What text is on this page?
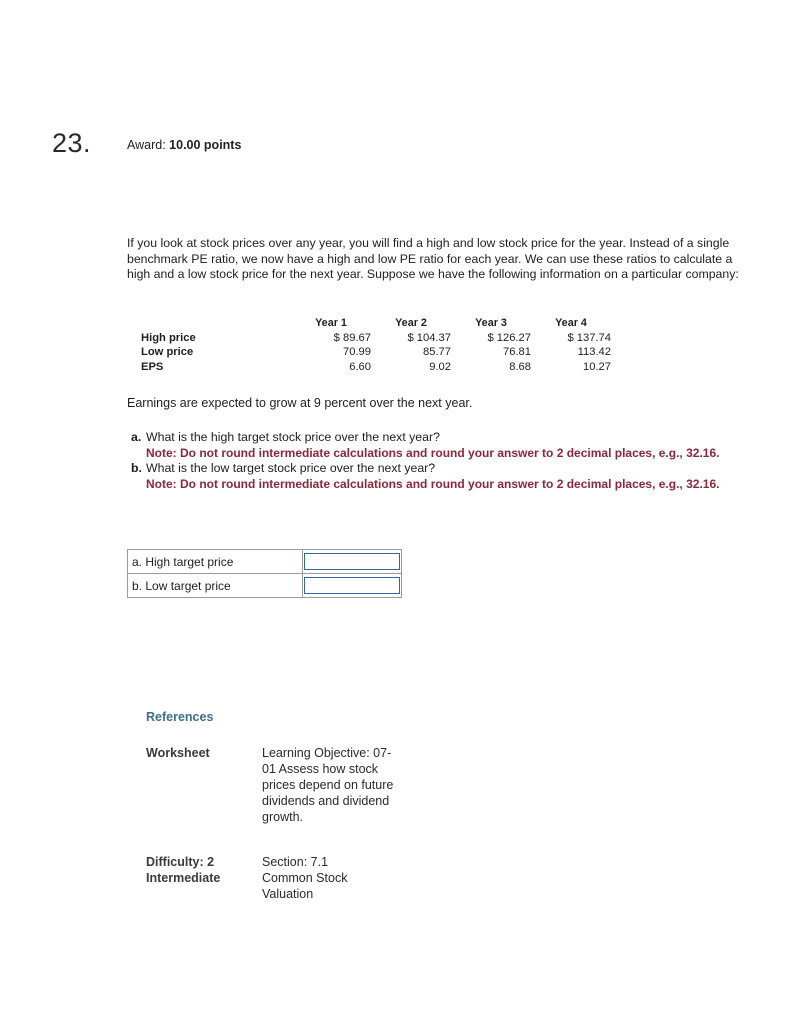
23.	Award: 10.00 points
If you look at stock prices over any year, you will find a high and low stock price for the year. Instead of a single benchmark PE ratio, we now have a high and low PE ratio for each year. We can use these ratios to calculate a high and a low stock price for the next year. Suppose we have the following information on a particular company:
	Year 1	Year 2	Year 3	Year 4
High price	$ 89.67	$ 104.37	$ 126.27	$ 137.74
Low price	70.99	85.77	76.81	113.42
EPS	6.60	9.02	8.68	10.27
Earnings are expected to grow at 9 percent over the next year.
a. What is the high target stock price over the next year?
Note: Do not round intermediate calculations and round your answer to 2 decimal places, e.g., 32.16.
b. What is the low target stock price over the next year?
Note: Do not round intermediate calculations and round your answer to 2 decimal places, e.g., 32.16.
a. High target price	

b. Low target price	
References
Worksheet	Learning Objective: 07-01 Assess how stock prices depend on future dividends and dividend growth.
Difficulty: 2 Intermediate
Section: 7.1 Common Stock Valuation
